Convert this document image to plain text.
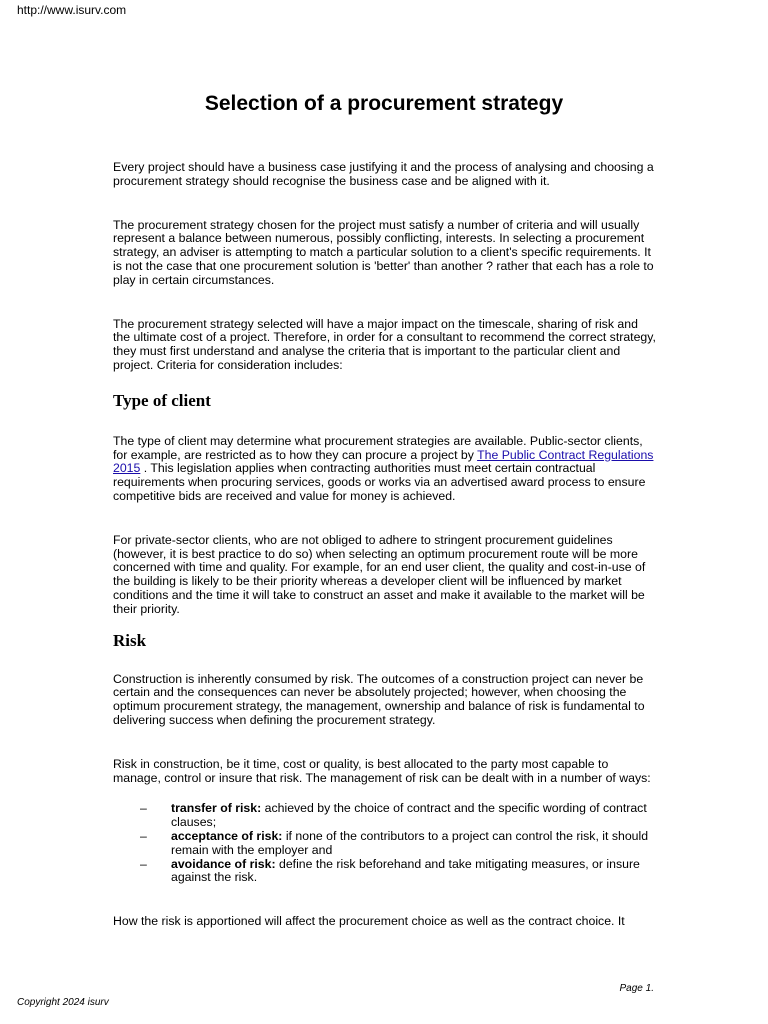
http://www.isurv.com
Selection of a procurement strategy

Every project should have a business case justifying it and the process of analysing and choosing a procurement strategy should recognise the business case and be aligned with it.

The procurement strategy chosen for the project must satisfy a number of criteria and will usually represent a balance between numerous, possibly conflicting, interests. In selecting a procurement strategy, an adviser is attempting to match a particular solution to a client's specific requirements. It is not the case that one procurement solution is 'better' than another ? rather that each has a role to play in certain circumstances.

The procurement strategy selected will have a major impact on the timescale, sharing of risk and the ultimate cost of a project. Therefore, in order for a consultant to recommend the correct strategy, they must first understand and analyse the criteria that is important to the particular client and project. Criteria for consideration includes:

Type of client

The type of client may determine what procurement strategies are available. Public-sector clients, for example, are restricted as to how they can procure a project by The Public Contract Regulations 2015 . This legislation applies when contracting authorities must meet certain contractual requirements when procuring services, goods or works via an advertised award process to ensure competitive bids are received and value for money is achieved.

For private-sector clients, who are not obliged to adhere to stringent procurement guidelines (however, it is best practice to do so) when selecting an optimum procurement route will be more concerned with time and quality. For example, for an end user client, the quality and cost-in-use of the building is likely to be their priority whereas a developer client will be influenced by market conditions and the time it will take to construct an asset and make it available to the market will be their priority.

Risk

Construction is inherently consumed by risk. The outcomes of a construction project can never be certain and the consequences can never be absolutely projected; however, when choosing the optimum procurement strategy, the management, ownership and balance of risk is fundamental to delivering success when defining the procurement strategy.

Risk in construction, be it time, cost or quality, is best allocated to the party most capable to manage, control or insure that risk. The management of risk can be dealt with in a number of ways:

– transfer of risk: achieved by the choice of contract and the specific wording of contract clauses;
– acceptance of risk: if none of the contributors to a project can control the risk, it should remain with the employer and
– avoidance of risk: define the risk beforehand and take mitigating measures, or insure against the risk.

How the risk is apportioned will affect the procurement choice as well as the contract choice. It

Page 1.
Copyright 2024 isurv
